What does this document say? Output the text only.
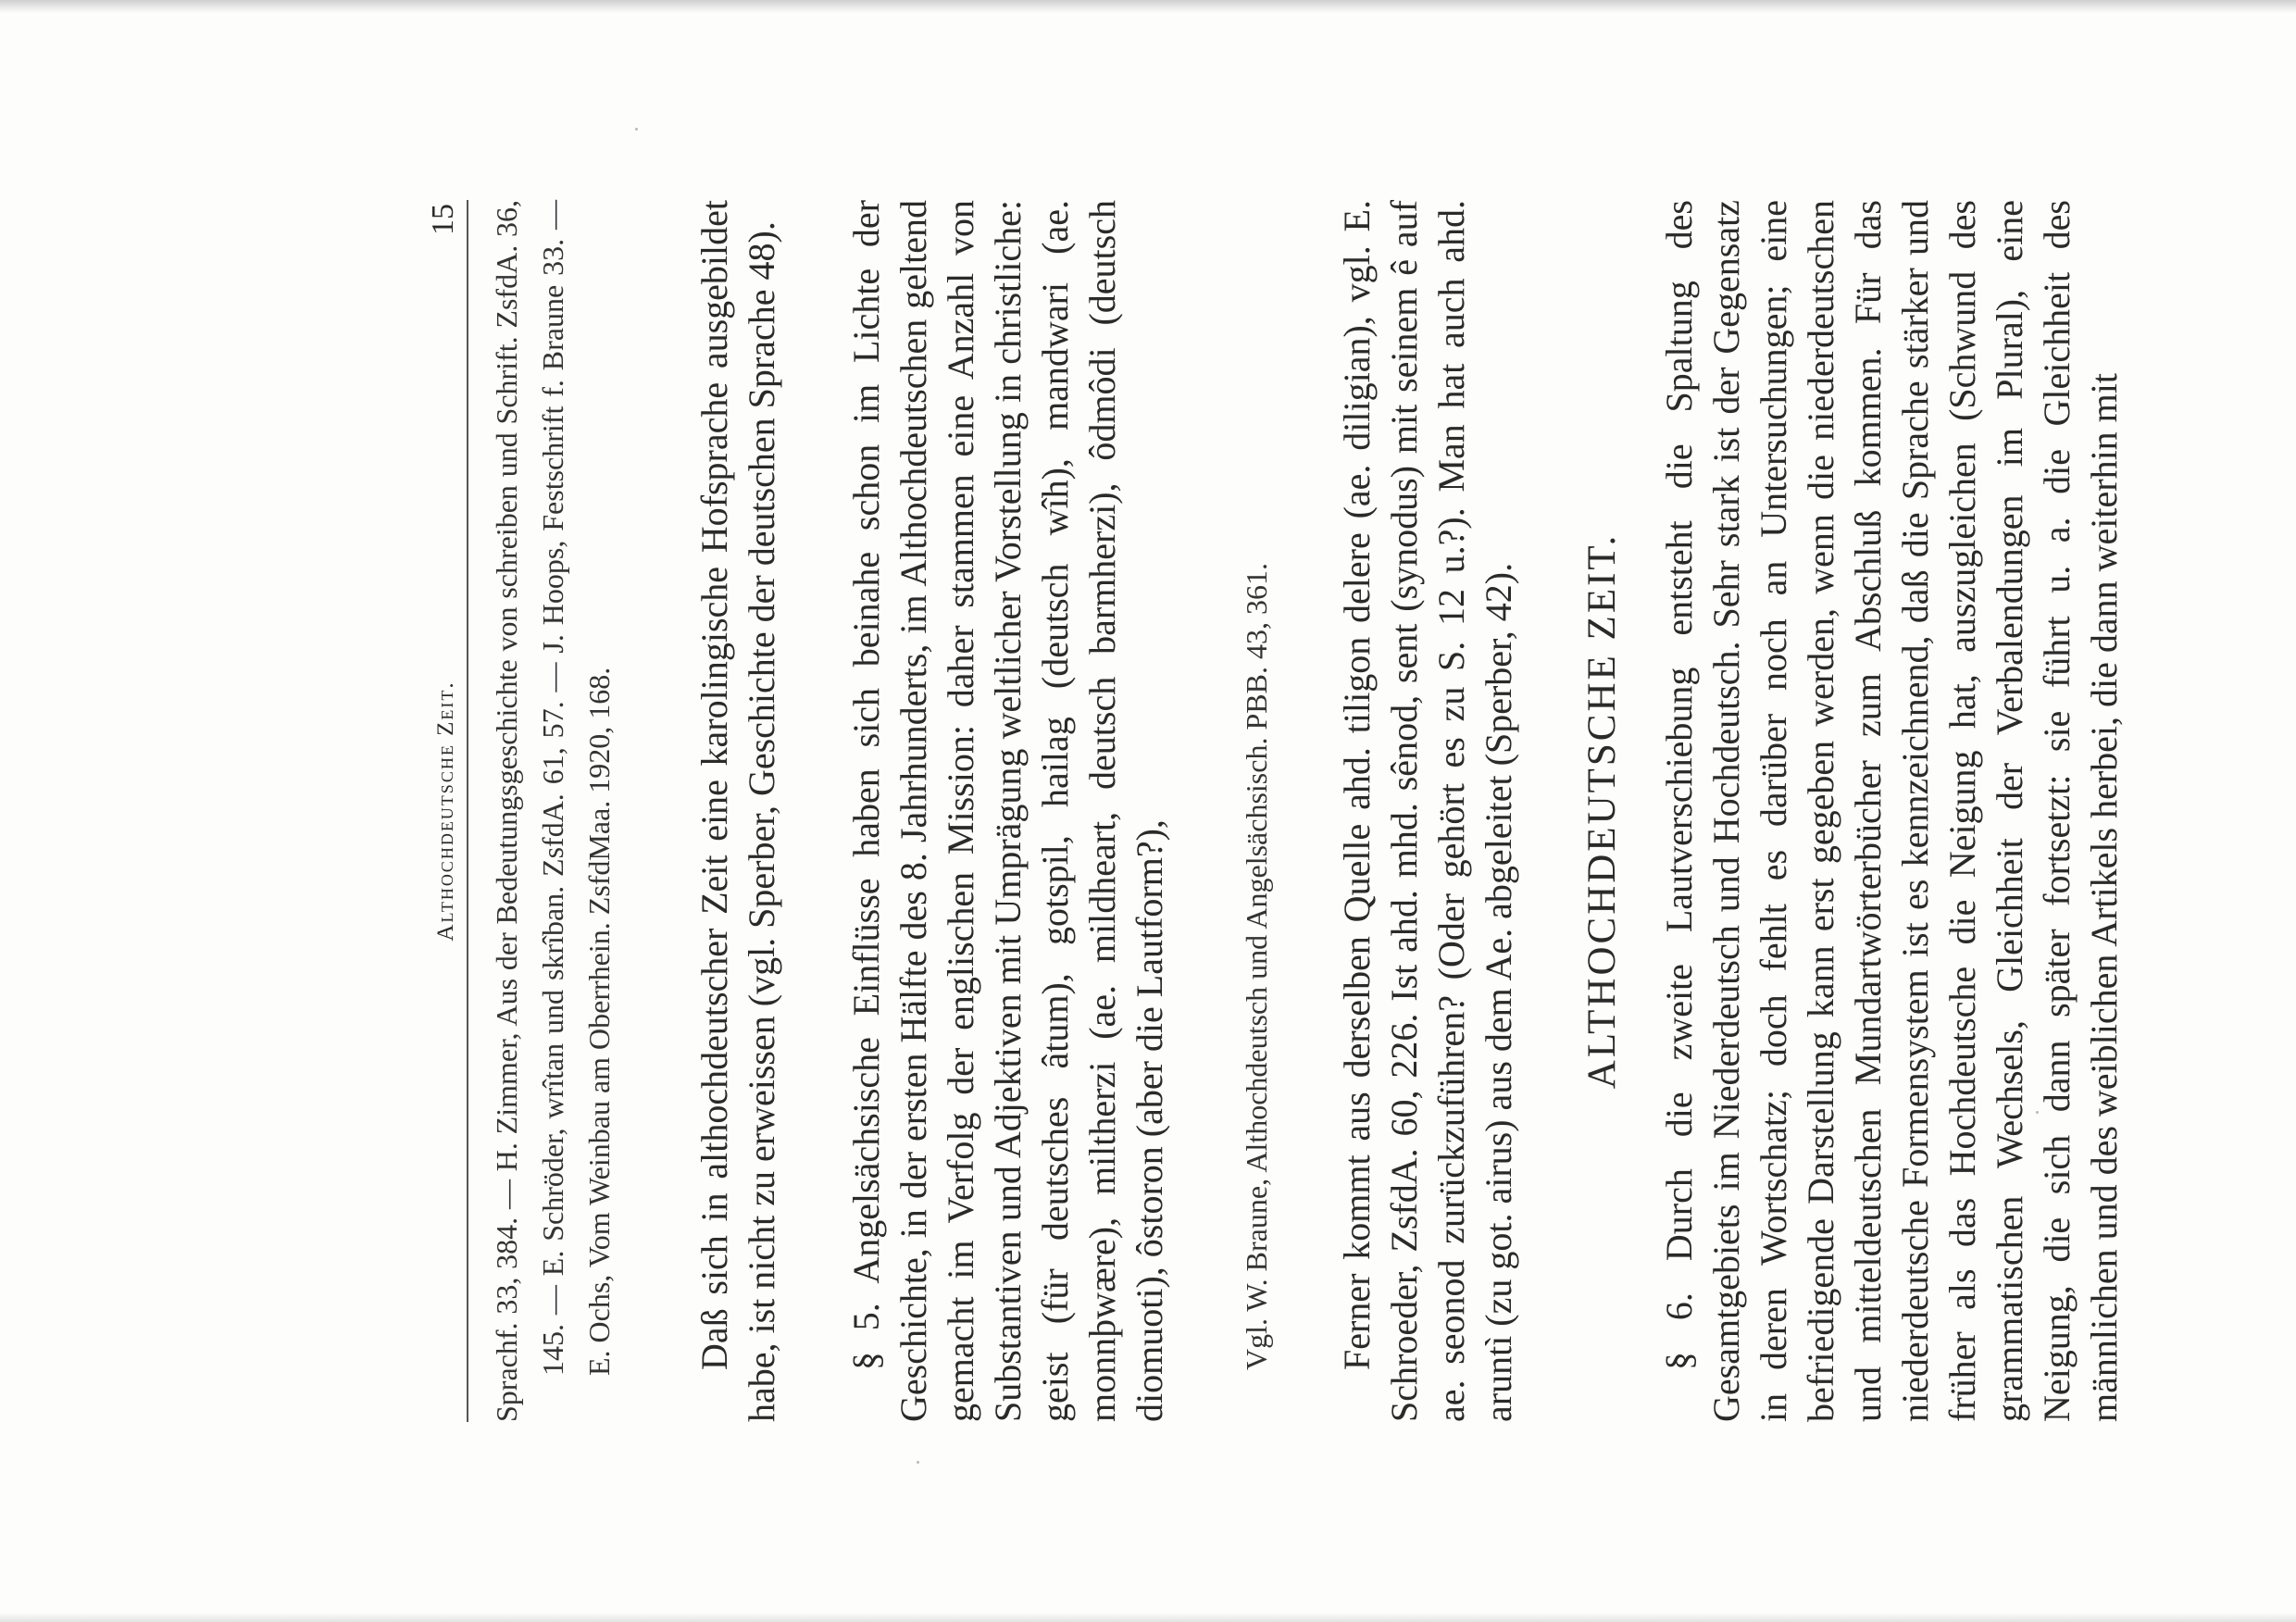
Althochdeutsche Zeit.
15 Sprachf. 33, 384. — H. Zimmer, Aus der Bedeutungsgeschichte von schreiben und Schrift. ZsfdA. 36, 145. — E. Schröder, wrîtan und skrîban. ZsfdA. 61, 57. — J. Hoops, Festschrift f. Braune 33. — E. Ochs, Vom Weinbau am Oberrhein. ZsfdMaa. 1920, 168. Daß sich in althochdeutscher Zeit eine karolingische Hofsprache ausgebildet habe, ist nicht zu erweissen (vgl. Sperber, Geschichte der deutschen Sprache 48). § 5. Angelsächsische Einflüsse haben sich beinahe schon im Lichte der Geschichte, in der ersten Hälfte des 8. Jahrhunderts, im Althochdeutschen geltend gemacht im Verfolg der englischen Mission: daher stammen eine Anzahl von Substantiven und Adjektiven mit Umprägung weltlicher Vorstellung in christliche: geist (für deutsches âtum), gotspil, hailag (deutsch wîh), mandwari (ae. monnþwære), miltherzi (ae. mildheart, deutsch barmherzi), ôdmôdi (deutsch diomuoti), ôstoron (aber die Lautform?), Vgl. W. Braune, Althochdeutsch und Angelsächsisch. PBB. 43, 361. Ferner kommt aus derselben Quelle ahd. tiligon delere (ae. diligian), vgl. E. Schroeder, ZsfdA. 60, 226. Ist ahd. mhd. sênod, sent (synodus) mit seinem ê auf ae. seonod zurückzuführen? (Oder gehört es zu S. 12 u.?). Man hat auch ahd. aruntì (zu got. airus) aus dem Ae. abgeleitet (Sperber, 42). ALTHOCHDEUTSCHE ZEIT. § 6. Durch die zweite Lautverschiebung entsteht die Spaltung des Gesamtgebiets im Niederdeutsch und Hochdeutsch. Sehr stark ist der Gegensatz in deren Wortschatz; doch fehlt es darüber noch an Untersuchungen; eine befriedigende Darstellung kann erst gegeben werden, wenn die niederdeutschen und mitteldeutschen Mundartwörterbücher zum Abschluß kommen. Für das niederdeutsche Formensystem ist es kennzeichnend, daß die Sprache stärker und früher als das Hochdeutsche die Neigung hat, auszugleichen (Schwund des grammatischen Wechsels, Gleichheit der Verbalendungen im Plural), eine Neigung, die sich dann später fortsetzt: sie führt u. a. die Gleichheit des männlichen und des weiblichen Artikels herbei, die dann weiterhin mit
